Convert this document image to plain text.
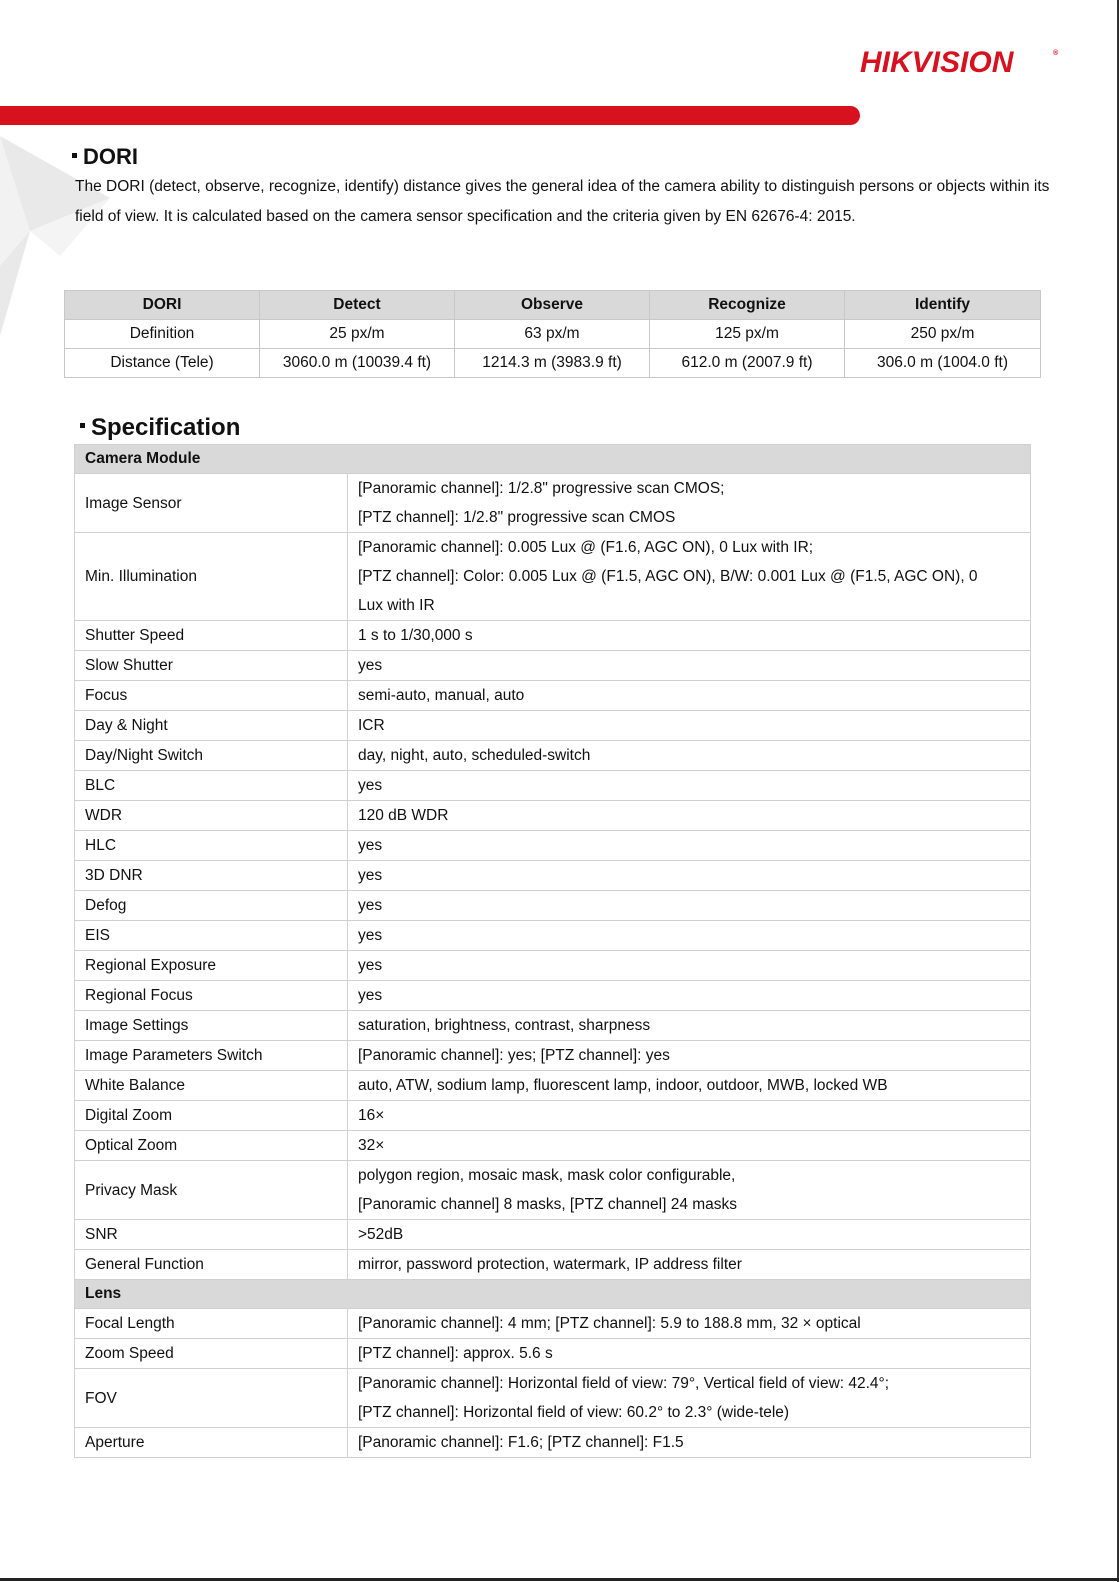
HIKVISION	®
DORI
The DORI (detect, observe, recognize, identify) distance gives the general idea of the camera ability to distinguish persons or objects within its field of view. It is calculated based on the camera sensor specification and the criteria given by EN 62676-4: 2015.
DORI	Detect	Observe	Recognize	Identify
Definition	25 px/m	63 px/m	125 px/m	250 px/m
Distance (Tele)	3060.0 m (10039.4 ft)	1214.3 m (3983.9 ft)	612.0 m (2007.9 ft)	306.0 m (1004.0 ft)
Specification
Camera Module	
Image Sensor	[Panoramic channel]: 1/2.8" progressive scan CMOS;
[PTZ channel]: 1/2.8" progressive scan CMOS

Min. Illumination	[Panoramic channel]: 0.005 Lux @ (F1.6, AGC ON), 0 Lux with IR;
[PTZ channel]: Color: 0.005 Lux @ (F1.5, AGC ON), B/W: 0.001 Lux @ (F1.5, AGC ON), 0
Lux with IR

Shutter Speed	1 s to 1/30,000 s

Slow Shutter	yes

Focus	semi-auto, manual, auto

Day & Night	ICR

Day/Night Switch	day, night, auto, scheduled-switch

BLC	yes

WDR	120 dB WDR

HLC	yes

3D DNR	yes

Defog	yes

EIS	yes

Regional Exposure	yes

Regional Focus	yes

Image Settings	saturation, brightness, contrast, sharpness

Image Parameters Switch	[Panoramic channel]: yes; [PTZ channel]: yes

White Balance	auto, ATW, sodium lamp, fluorescent lamp, indoor, outdoor, MWB, locked WB

Digital Zoom	16×

Optical Zoom	32×

Privacy Mask	polygon region, mosaic mask, mask color configurable,
[Panoramic channel] 8 masks, [PTZ channel] 24 masks

SNR	>52dB

General Function	mirror, password protection, watermark, IP address filter

Lens	
Focal Length	[Panoramic channel]: 4 mm; [PTZ channel]: 5.9 to 188.8 mm, 32 × optical

Zoom Speed	[PTZ channel]: approx. 5.6 s

FOV	[Panoramic channel]: Horizontal field of view: 79°, Vertical field of view: 42.4°;
[PTZ channel]: Horizontal field of view: 60.2° to 2.3° (wide-tele)

Aperture	[Panoramic channel]: F1.6; [PTZ channel]: F1.5
